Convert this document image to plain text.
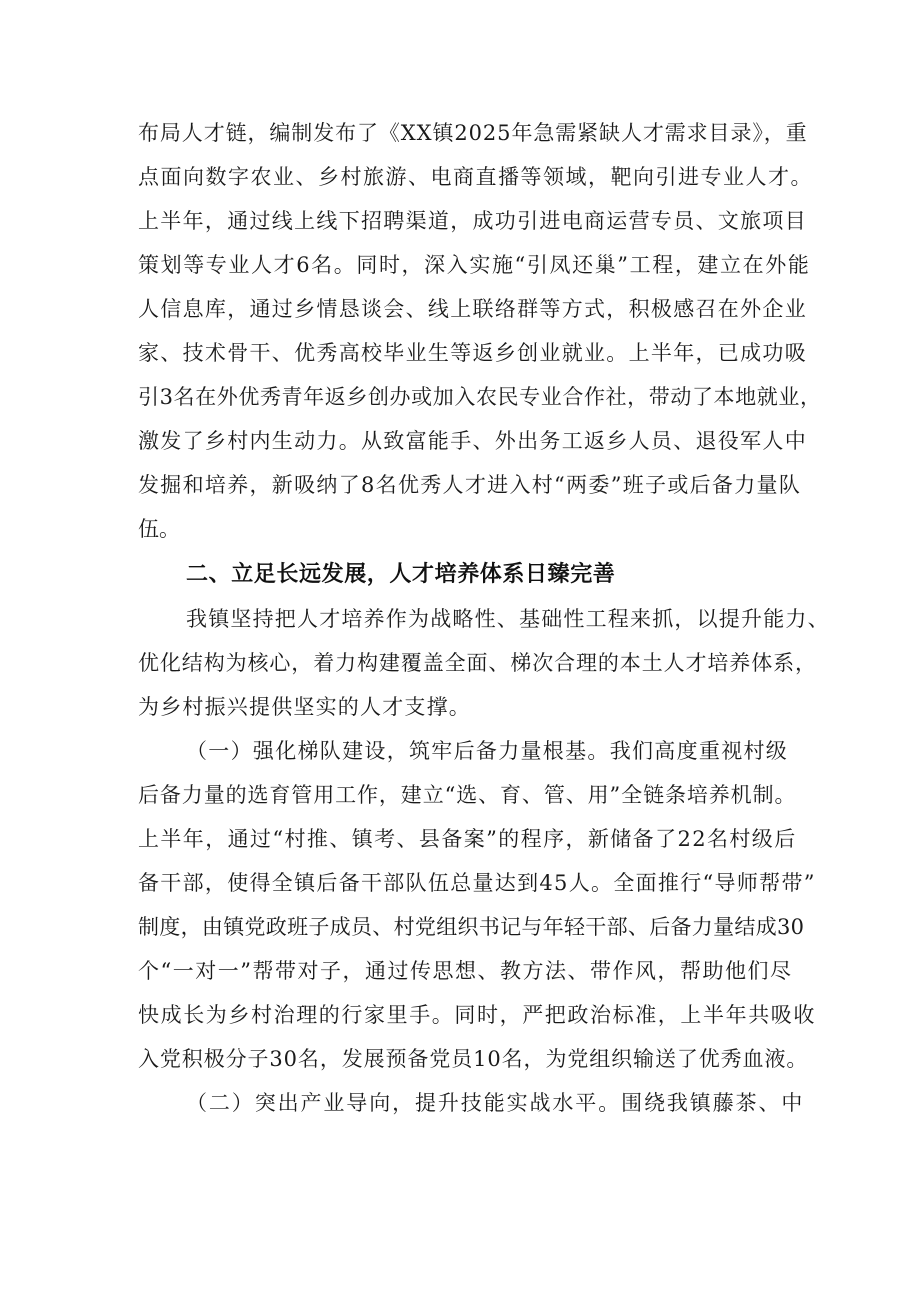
布局人才链，编制发布了《XX镇2025年急需紧缺人才需求目录》，重
点面向数字农业、乡村旅游、电商直播等领域，靶向引进专业人才。
上半年，通过线上线下招聘渠道，成功引进电商运营专员、文旅项目
策划等专业人才6名。同时，深入实施“引凤还巢”工程，建立在外能
人信息库，通过乡情恳谈会、线上联络群等方式，积极感召在外企业
家、技术骨干、优秀高校毕业生等返乡创业就业。上半年，已成功吸
引3名在外优秀青年返乡创办或加入农民专业合作社，带动了本地就业，
激发了乡村内生动力。从致富能手、外出务工返乡人员、退役军人中
发掘和培养，新吸纳了8名优秀人才进入村“两委”班子或后备力量队
伍。
二、立足长远发展，人才培养体系日臻完善
我镇坚持把人才培养作为战略性、基础性工程来抓，以提升能力、
优化结构为核心，着力构建覆盖全面、梯次合理的本土人才培养体系，
为乡村振兴提供坚实的人才支撑。
（一）强化梯队建设，筑牢后备力量根基。我们高度重视村级
后备力量的选育管用工作，建立“选、育、管、用”全链条培养机制。
上半年，通过“村推、镇考、县备案”的程序，新储备了22名村级后
备干部，使得全镇后备干部队伍总量达到45人。全面推行“导师帮带”
制度，由镇党政班子成员、村党组织书记与年轻干部、后备力量结成30
个“一对一”帮带对子，通过传思想、教方法、带作风，帮助他们尽
快成长为乡村治理的行家里手。同时，严把政治标准，上半年共吸收
入党积极分子30名，发展预备党员10名，为党组织输送了优秀血液。
（二）突出产业导向，提升技能实战水平。围绕我镇藤茶、中
